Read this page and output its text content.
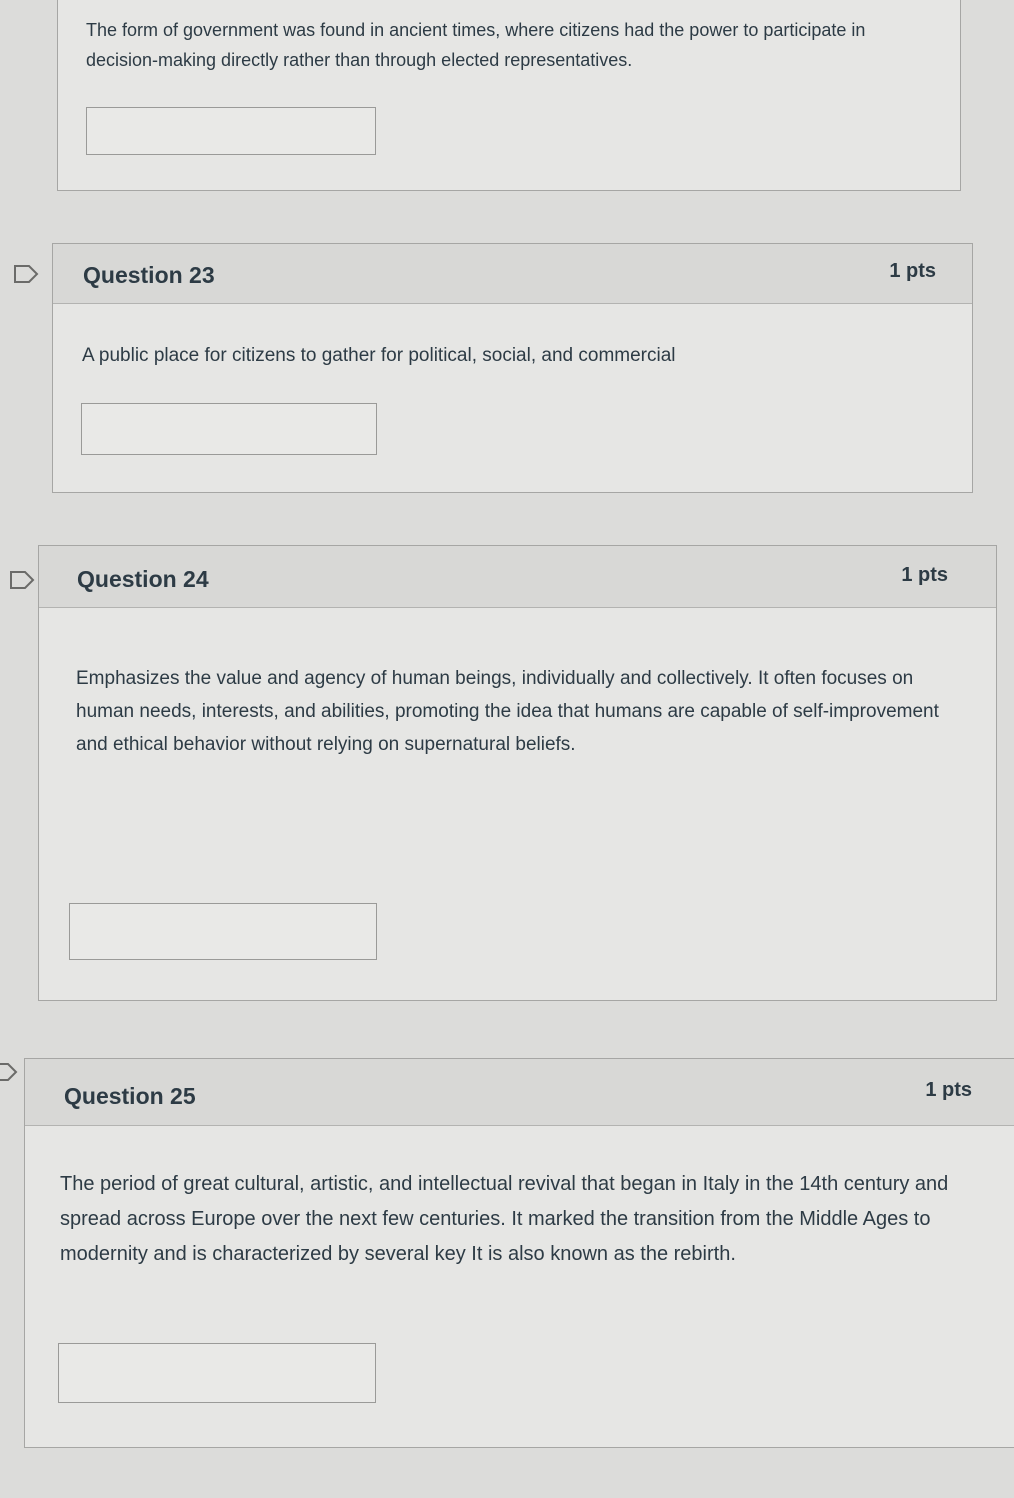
The form of government was found in ancient times, where citizens had the power to participate in decision-making directly rather than through elected representatives.
Question 23	1 pts
A public place for citizens to gather for political, social, and commercial
Question 24	1 pts
Emphasizes the value and agency of human beings, individually and collectively. It often focuses on human needs, interests, and abilities, promoting the idea that humans are capable of self-improvement and ethical behavior without relying on supernatural beliefs.
Question 25	1 pts
The period of great cultural, artistic, and intellectual revival that began in Italy in the 14th century and spread across Europe over the next few centuries. It marked the transition from the Middle Ages to modernity and is characterized by several key It is also known as the rebirth.
